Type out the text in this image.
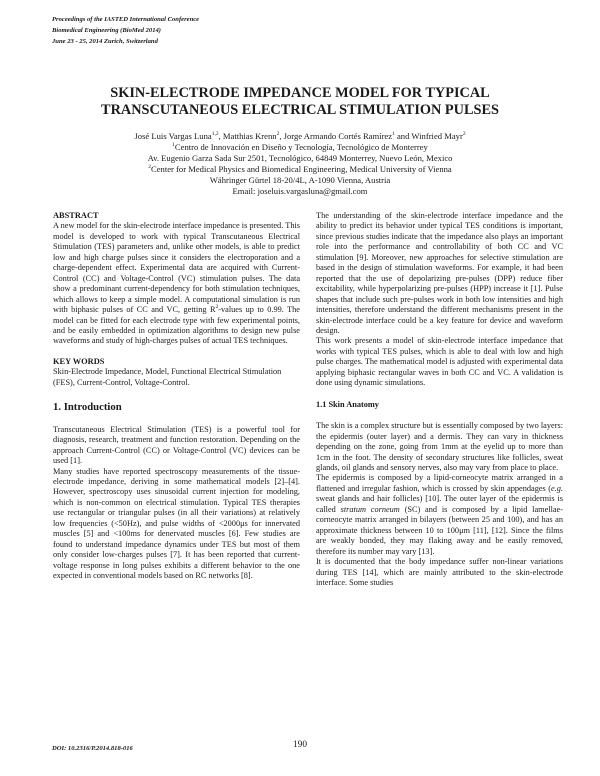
Proceedings of the IASTED International Conference
Biomedical Engineering (BioMed 2014)
June 23 - 25, 2014 Zurich, Switzerland
SKIN-ELECTRODE IMPEDANCE MODEL FOR TYPICAL
TRANSCUTANEOUS ELECTRICAL STIMULATION PULSES
José Luis Vargas Luna$^{1,2}$, Matthias Krenn$^2$, Jorge Armando Cortés Ramírez$^1$ and Winfried Mayr$^2$
$^1$Centro de Innovación en Diseño y Tecnología, Tecnológico de Monterrey
Av. Eugenio Garza Sada Sur 2501, Tecnológico, 64849 Monterrey, Nuevo León, Mexico
$^2$Center for Medical Physics and Biomedical Engineering, Medical University of Vienna
Währinger Gürtel 18-20/4L, A-1090 Vienna, Austria
Email: joseluis.vargasluna@gmail.com
ABSTRACT

A new model for the skin-electrode interface impedance is presented. This model is developed to work with typical Transcutaneous Electrical Stimulation (TES) parameters and, unlike other models, is able to predict low and high charge pulses since it considers the electroporation and a charge-dependent effect. Experimental data are acquired with Current-Control (CC) and Voltage-Control (VC) stimulation pulses. The data show a predominant current-dependency for both stimulation techniques, which allows to keep a simple model. A computational simulation is run with biphasic pulses of CC and VC, getting $R^2$-values up to 0.99. The model can be fitted for each electrode type with few experimental points, and be easily embedded in optimization algorithms to design new pulse waveforms and study of high-charges pulses of actual TES techniques.

KEY WORDS

Skin-Electrode Impedance, Model, Functional Electrical Stimulation (FES), Current-Control, Voltage-Control.

1. Introduction

Transcutaneous Electrical Stimulation (TES) is a powerful tool for diagnosis, research, treatment and function restoration. Depending on the approach Current-Control (CC) or Voltage-Control (VC) devices can be used [1].

Many studies have reported spectroscopy measurements of the tissue-electrode impedance, deriving in some mathematical models [2]–[4]. However, spectroscopy uses sinusoidal current injection for modeling, which is non-common on electrical stimulation. Typical TES therapies use rectangular or triangular pulses (in all their variations) at relatively low frequencies (<50Hz), and pulse widths of <2000μs for innervated muscles [5] and <100ms for denervated muscles [6]. Few studies are found to understand impedance dynamics under TES but most of them only consider low-charges pulses [7]. It has been reported that current-voltage response in long pulses exhibits a different behavior to the one expected in conventional models based on RC networks [8].

The understanding of the skin-electrode interface impedance and the ability to predict its behavior under typical TES conditions is important, since previous studies indicate that the impedance also plays an important role into the performance and controllability of both CC and VC stimulation [9]. Moreover, new approaches for selective stimulation are based in the design of stimulation waveforms. For example, it had been reported that the use of depolarizing pre-pulses (DPP) reduce fiber excitability, while hyperpolarizing pre-pulses (HPP) increase it [1]. Pulse shapes that include such pre-pulses work in both low intensities and high intensities, therefore understand the different mechanisms present in the skin-electrode interface could be a key feature for device and waveform design.

This work presents a model of skin-electrode interface impedance that works with typical TES pulses, which is able to deal with low and high pulse charges. The mathematical model is adjusted with experimental data applying biphasic rectangular waves in both CC and VC. A validation is done using dynamic simulations.

1.1 Skin Anatomy

The skin is a complex structure but is essentially composed by two layers: the epidermis (outer layer) and a dermis. They can vary in thickness depending on the zone, going from 1mm at the eyelid up to more than 1cm in the foot. The density of secondary structures like follicles, sweat glands, oil glands and sensory nerves, also may vary from place to place.

The epidermis is composed by a lipid-corneocyte matrix arranged in a flattened and irregular fashion, which is crossed by skin appendages (e.g. sweat glands and hair follicles) [10]. The outer layer of the epidermis is called stratum corneum (SC) and is composed by a lipid lamellae-corneocyte matrix arranged in bilayers (between 25 and 100), and has an approximate thickness between 10 to 100μm [11], [12]. Since the films are weakly bonded, they may flaking away and be easily removed, therefore its number may vary [13].

It is documented that the body impedance suffer non-linear variations during TES [14], which are mainly attributed to the skin-electrode interface. Some studies

190
DOI: 10.2316/P.2014.818-016
